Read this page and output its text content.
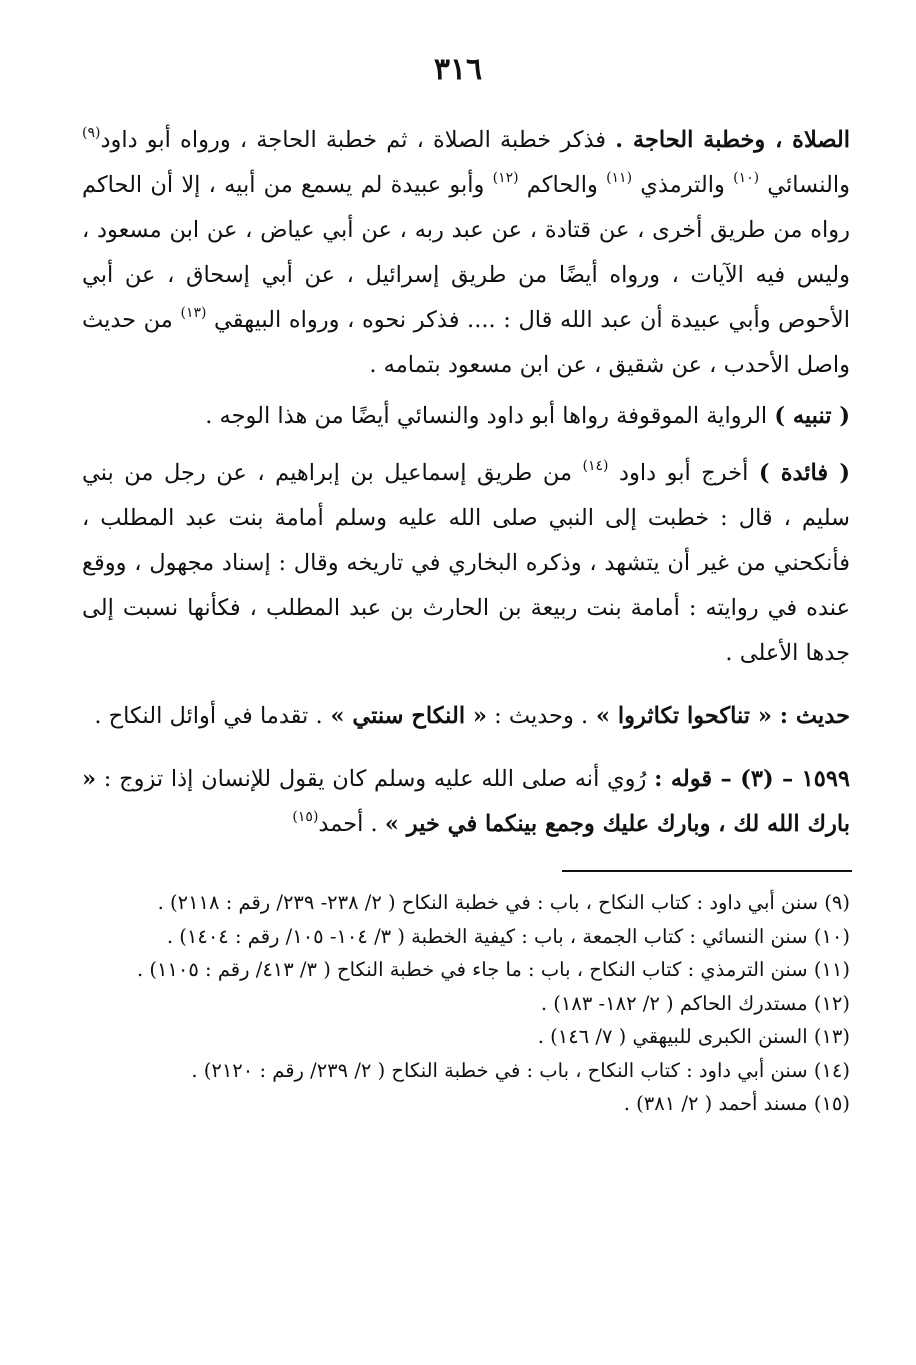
٣١٦

الصلاة ، وخطبة الحاجة . فذكر خطبة الصلاة ، ثم خطبة الحاجة ، ورواه أبو داود$^{(٩)}$ والنسائي $^{(١٠)}$ والترمذي $^{(١١)}$ والحاكم $^{(١٢)}$ وأبو عبيدة لم يسمع من أبيه ، إلا أن الحاكم رواه من طريق أخرى ، عن قتادة ، عن عبد ربه ، عن أبي عياض ، عن ابن مسعود ، وليس فيه الآيات ، ورواه أيضًا من طريق إسرائيل ، عن أبي إسحاق ، عن أبي الأحوص وأبي عبيدة أن عبد الله قال : .... فذكر نحوه ، ورواه البيهقي $^{(١٣)}$ من حديث واصل الأحدب ، عن شقيق ، عن ابن مسعود بتمامه .

( تنبيه ) الرواية الموقوفة رواها أبو داود والنسائي أيضًا من هذا الوجه .

( فائدة ) أخرج أبو داود $^{(١٤)}$ من طريق إسماعيل بن إبراهيم ، عن رجل من بني سليم ، قال : خطبت إلى النبي صلى الله عليه وسلم أمامة بنت عبد المطلب ، فأنكحني من غير أن يتشهد ، وذكره البخاري في تاريخه وقال : إسناد مجهول ، ووقع عنده في روايته : أمامة بنت ربيعة بن الحارث بن عبد المطلب ، فكأنها نسبت إلى جدها الأعلى .

حديث : « تناكحوا تكاثروا » . وحديث : « النكاح سنتي » . تقدما في أوائل النكاح .

١٥٩٩ – (٣) – قوله : رُوي أنه صلى الله عليه وسلم كان يقول للإنسان إذا تزوج : « بارك الله لك ، وبارك عليك وجمع بينكما في خير » . أحمد$^{(١٥)}$

(٩) سنن أبي داود : كتاب النكاح ، باب : في خطبة النكاح ( ٢/ ٢٣٨- ٢٣٩/ رقم : ٢١١٨) .

(١٠) سنن النسائي : كتاب الجمعة ، باب : كيفية الخطبة ( ٣/ ١٠٤- ١٠٥/ رقم : ١٤٠٤) .

(١١) سنن الترمذي : كتاب النكاح ، باب : ما جاء في خطبة النكاح ( ٣/ ٤١٣/ رقم : ١١٠٥) .

(١٢) مستدرك الحاكم ( ٢/ ١٨٢- ١٨٣) .

(١٣) السنن الكبرى للبيهقي ( ٧/ ١٤٦) .

(١٤) سنن أبي داود : كتاب النكاح ، باب : في خطبة النكاح ( ٢/ ٢٣٩/ رقم : ٢١٢٠) .

(١٥) مسند أحمد ( ٢/ ٣٨١) .
